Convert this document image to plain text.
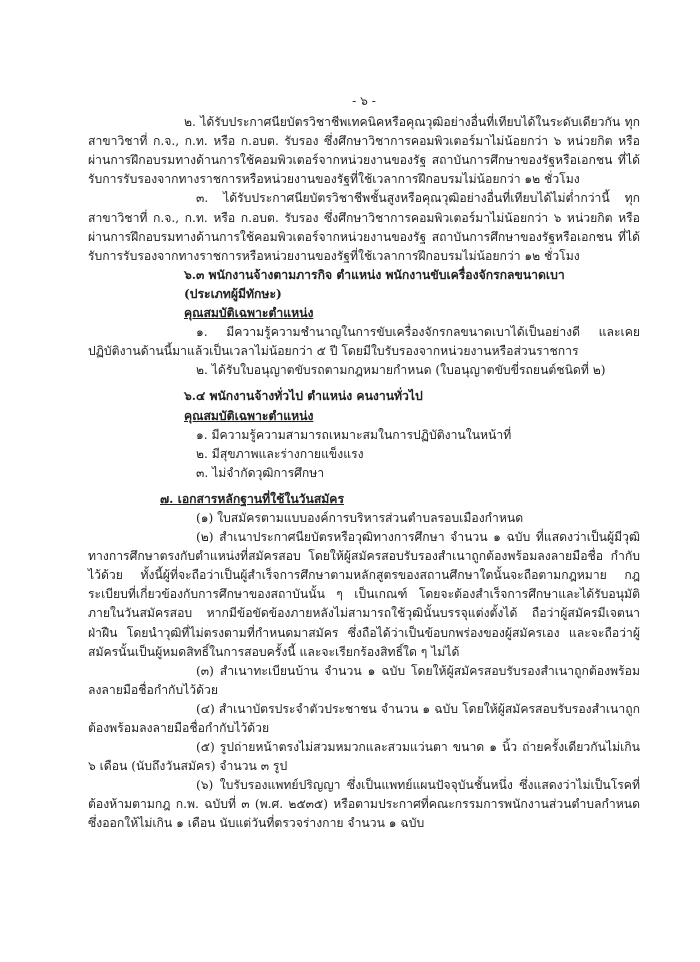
- ๖ -
๒. ได้รับประกาศนียบัตรวิชาชีพเทคนิคหรือคุณวุฒิอย่างอื่นที่เทียบได้ในระดับเดียวกัน ทุกสาขาวิชาที่ ก.จ., ก.ท. หรือ ก.อบต. รับรอง ซึ่งศึกษาวิชาการคอมพิวเตอร์มาไม่น้อยกว่า ๖ หน่วยกิต หรือผ่านการฝึกอบรมทางด้านการใช้คอมพิวเตอร์จากหน่วยงานของรัฐ สถาบันการศึกษาของรัฐหรือเอกชน ที่ได้รับการรับรองจากทางราชการหรือหน่วยงานของรัฐที่ใช้เวลาการฝึกอบรมไม่น้อยกว่า ๑๒ ชั่วโมง
๓. ได้รับประกาศนียบัตรวิชาชีพชั้นสูงหรือคุณวุฒิอย่างอื่นที่เทียบได้ไม่ต่ำกว่านี้ ทุกสาขาวิชาที่ ก.จ., ก.ท. หรือ ก.อบต. รับรอง ซึ่งศึกษาวิชาการคอมพิวเตอร์มาไม่น้อยกว่า ๖ หน่วยกิต หรือผ่านการฝึกอบรมทางด้านการใช้คอมพิวเตอร์จากหน่วยงานของรัฐ สถาบันการศึกษาของรัฐหรือเอกชน ที่ได้รับการรับรองจากทางราชการหรือหน่วยงานของรัฐที่ใช้เวลาการฝึกอบรมไม่น้อยกว่า ๑๒ ชั่วโมง
๖.๓ พนักงานจ้างตามภารกิจ ตำแหน่ง พนักงานขับเครื่องจักรกลขนาดเบา
(ประเภทผู้มีทักษะ)
คุณสมบัติเฉพาะตำแหน่ง
๑. มีความรู้ความชำนาญในการขับเครื่องจักรกลขนาดเบาได้เป็นอย่างดี และเคยปฏิบัติงานด้านนี้มาแล้วเป็นเวลาไม่น้อยกว่า ๕ ปี โดยมีใบรับรองจากหน่วยงานหรือส่วนราชการ
๒. ได้รับใบอนุญาตขับรถตามกฎหมายกำหนด (ใบอนุญาตขับขี่รถยนต์ชนิดที่ ๒)
๖.๔ พนักงานจ้างทั่วไป ตำแหน่ง คนงานทั่วไป
คุณสมบัติเฉพาะตำแหน่ง
๑. มีความรู้ความสามารถเหมาะสมในการปฏิบัติงานในหน้าที่
๒. มีสุขภาพและร่างกายแข็งแรง
๓. ไม่จำกัดวุฒิการศึกษา
๗. เอกสารหลักฐานที่ใช้ในวันสมัคร
(๑) ใบสมัครตามแบบองค์การบริหารส่วนตำบลรอบเมืองกำหนด
(๒) สำเนาประกาศนียบัตรหรือวุฒิทางการศึกษา จำนวน ๑ ฉบับ ที่แสดงว่าเป็นผู้มีวุฒิทางการศึกษาตรงกับตำแหน่งที่สมัครสอบ โดยให้ผู้สมัครสอบรับรองสำเนาถูกต้องพร้อมลงลายมือชื่อ กำกับไว้ด้วย ทั้งนี้ผู้ที่จะถือว่าเป็นผู้สำเร็จการศึกษาตามหลักสูตรของสถานศึกษาใดนั้นจะถือตามกฎหมาย กฎระเบียบที่เกี่ยวข้องกับการศึกษาของสถาบันนั้น ๆ เป็นเกณฑ์ โดยจะต้องสำเร็จการศึกษาและได้รับอนุมัติภายในวันสมัครสอบ หากมีข้อขัดข้องภายหลังไม่สามารถใช้วุฒินั้นบรรจุแต่งตั้งได้ ถือว่าผู้สมัครมีเจตนาฝ่าฝืน โดยนำวุฒิที่ไม่ตรงตามที่กำหนดมาสมัคร ซึ่งถือได้ว่าเป็นข้อบกพร่องของผู้สมัครเอง และจะถือว่าผู้สมัครนั้นเป็นผู้หมดสิทธิ์ในการสอบครั้งนี้ และจะเรียกร้องสิทธิ์ใด ๆ ไม่ได้
(๓) สำเนาทะเบียนบ้าน จำนวน ๑ ฉบับ โดยให้ผู้สมัครสอบรับรองสำเนาถูกต้องพร้อมลงลายมือชื่อกำกับไว้ด้วย
(๔) สำเนาบัตรประจำตัวประชาชน จำนวน ๑ ฉบับ โดยให้ผู้สมัครสอบรับรองสำเนาถูกต้องพร้อมลงลายมือชื่อกำกับไว้ด้วย
(๕) รูปถ่ายหน้าตรงไม่สวมหมวกและสวมแว่นตา ขนาด ๑ นิ้ว ถ่ายครั้งเดียวกันไม่เกิน ๖ เดือน (นับถึงวันสมัคร) จำนวน ๓ รูป
(๖) ใบรับรองแพทย์ปริญญา ซึ่งเป็นแพทย์แผนปัจจุบันชั้นหนึ่ง ซึ่งแสดงว่าไม่เป็นโรคที่ต้องห้ามตามกฎ ก.พ. ฉบับที่ ๓ (พ.ศ. ๒๕๓๕) หรือตามประกาศที่คณะกรรมการพนักงานส่วนตำบลกำหนด ซึ่งออกให้ไม่เกิน ๑ เดือน นับแต่วันที่ตรวจร่างกาย จำนวน ๑ ฉบับ
